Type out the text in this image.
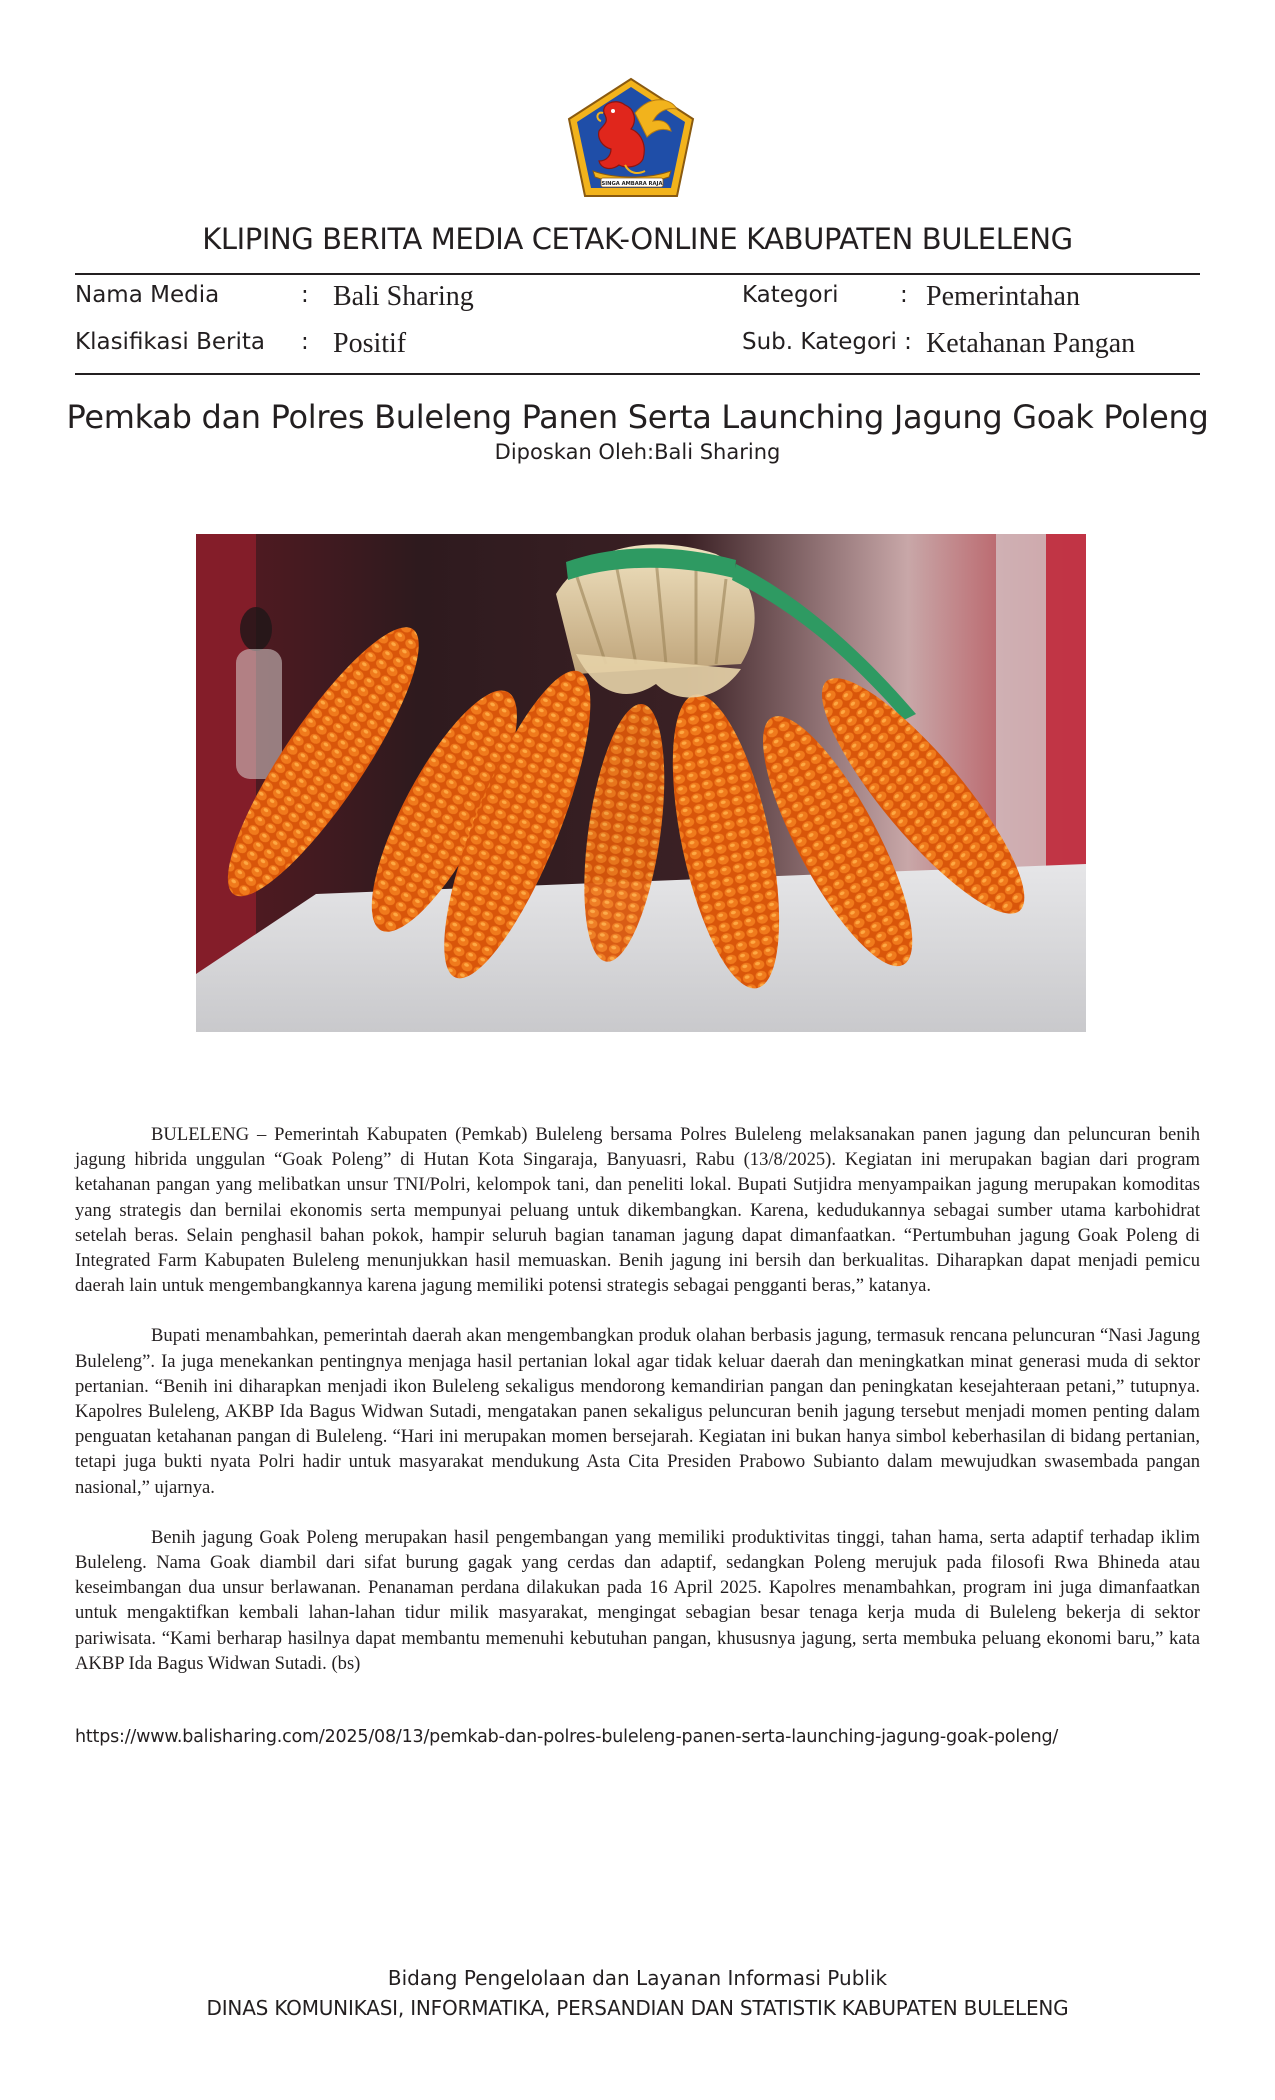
SINGA AMBARA RAJA
KLIPING BERITA MEDIA CETAK-ONLINE KABUPATEN BULELENG
Nama Media	: Bali Sharing
Klasifikasi Berita : Positif
Kategori	: Pemerintahan
Sub. Kategori : Ketahanan Pangan
Pemkab dan Polres Buleleng Panen Serta Launching Jagung Goak Poleng
Diposkan Oleh:Bali Sharing

BULELENG – Pemerintah Kabupaten (Pemkab) Buleleng bersama Polres Buleleng melaksanakan panen jagung dan peluncuran benih jagung hibrida unggulan “Goak Poleng” di Hutan Kota Singaraja, Banyuasri, Rabu (13/8/2025). Kegiatan ini merupakan bagian dari program ketahanan pangan yang melibatkan unsur TNI/Polri, kelompok tani, dan peneliti lokal. Bupati Sutjidra menyampaikan jagung merupakan komoditas yang strategis dan bernilai ekonomis serta mempunyai peluang untuk dikembangkan. Karena, kedudukannya sebagai sumber utama karbohidrat setelah beras. Selain penghasil bahan pokok, hampir seluruh bagian tanaman jagung dapat dimanfaatkan. “Pertumbuhan jagung Goak Poleng di Integrated Farm Kabupaten Buleleng menunjukkan hasil memuaskan. Benih jagung ini bersih dan berkualitas. Diharapkan dapat menjadi pemicu daerah lain untuk mengembangkannya karena jagung memiliki potensi strategis sebagai pengganti beras,” katanya.

Bupati menambahkan, pemerintah daerah akan mengembangkan produk olahan berbasis jagung, termasuk rencana peluncuran “Nasi Jagung Buleleng”. Ia juga menekankan pentingnya menjaga hasil pertanian lokal agar tidak keluar daerah dan meningkatkan minat generasi muda di sektor pertanian. “Benih ini diharapkan menjadi ikon Buleleng sekaligus mendorong kemandirian pangan dan peningkatan kesejahteraan petani,” tutupnya. Kapolres Buleleng, AKBP Ida Bagus Widwan Sutadi, mengatakan panen sekaligus peluncuran benih jagung tersebut menjadi momen penting dalam penguatan ketahanan pangan di Buleleng. “Hari ini merupakan momen bersejarah. Kegiatan ini bukan hanya simbol keberhasilan di bidang pertanian, tetapi juga bukti nyata Polri hadir untuk masyarakat mendukung Asta Cita Presiden Prabowo Subianto dalam mewujudkan swasembada pangan nasional,” ujarnya.

Benih jagung Goak Poleng merupakan hasil pengembangan yang memiliki produktivitas tinggi, tahan hama, serta adaptif terhadap iklim Buleleng. Nama Goak diambil dari sifat burung gagak yang cerdas dan adaptif, sedangkan Poleng merujuk pada filosofi Rwa Bhineda atau keseimbangan dua unsur berlawanan. Penanaman perdana dilakukan pada 16 April 2025. Kapolres menambahkan, program ini juga dimanfaatkan untuk mengaktifkan kembali lahan-lahan tidur milik masyarakat, mengingat sebagian besar tenaga kerja muda di Buleleng bekerja di sektor pariwisata. “Kami berharap hasilnya dapat membantu memenuhi kebutuhan pangan, khususnya jagung, serta membuka peluang ekonomi baru,” kata AKBP Ida Bagus Widwan Sutadi. (bs)

https://www.balisharing.com/2025/08/13/pemkab-dan-polres-buleleng-panen-serta-launching-jagung-goak-poleng/
Bidang Pengelolaan dan Layanan Informasi Publik
DINAS KOMUNIKASI, INFORMATIKA, PERSANDIAN DAN STATISTIK KABUPATEN BULELENG
